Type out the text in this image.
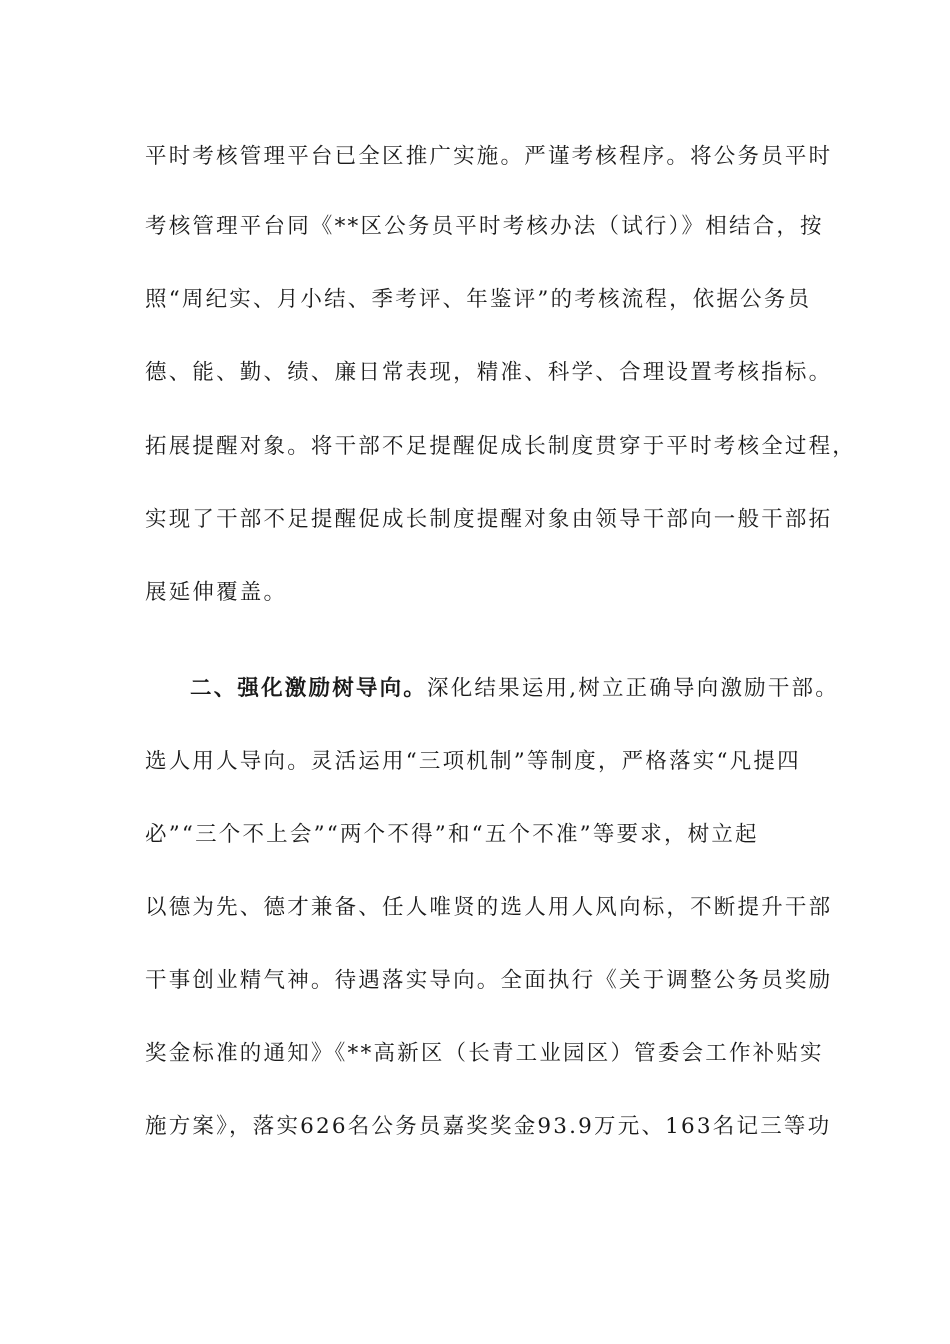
平时考核管理平台已全区推广实施。严谨考核程序。将公务员平时
考核管理平台同《**区公务员平时考核办法（试行）》相结合，按
照“周纪实、月小结、季考评、年鉴评”的考核流程，依据公务员
德、能、勤、绩、廉日常表现，精准、科学、合理设置考核指标。
拓展提醒对象。将干部不足提醒促成长制度贯穿于平时考核全过程，
实现了干部不足提醒促成长制度提醒对象由领导干部向一般干部拓
展延伸覆盖。
二、强化激励树导向。深化结果运用,树立正确导向激励干部。
选人用人导向。灵活运用“三项机制”等制度，严格落实“凡提四
必”“三个不上会”“两个不得”和“五个不准”等要求，树立起
以德为先、德才兼备、任人唯贤的选人用人风向标，不断提升干部
干事创业精气神。待遇落实导向。全面执行《关于调整公务员奖励
奖金标准的通知》《**高新区（长青工业园区）管委会工作补贴实
施方案》，落实626名公务员嘉奖奖金93.9万元、163名记三等功
